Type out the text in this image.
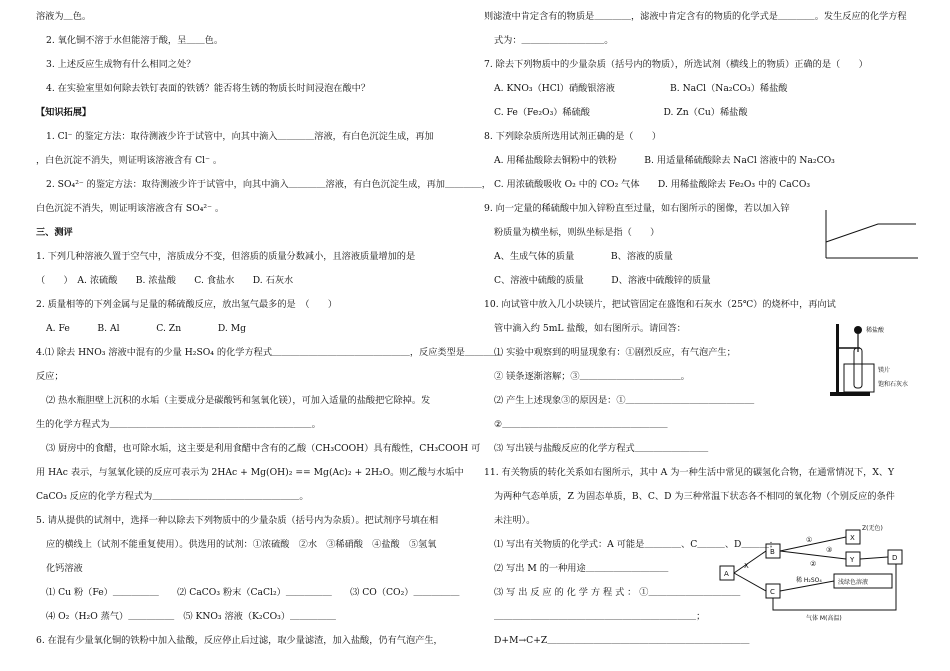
溶液为＿色。
2. 氧化铜不溶于水但能溶于酸，呈＿＿色。
3. 上述反应生成物有什么相同之处？
4. 在实验室里如何除去铁钉表面的铁锈？能否将生锈的物质长时间浸泡在酸中？
【知识拓展】
1. Cl⁻ 的鉴定方法：取待测液少许于试管中，向其中滴入＿＿＿＿溶液，有白色沉淀生成，再加
，白色沉淀不消失，则证明该溶液含有 Cl⁻ 。
2. SO₄²⁻ 的鉴定方法：取待测液少许于试管中，向其中滴入＿＿＿＿溶液，有白色沉淀生成，再加＿＿＿＿，
白色沉淀不消失，则证明该溶液含有 SO₄²⁻ 。
三、测评
1. 下列几种溶液久置于空气中，溶质成分不变，但溶质的质量分数减小，且溶液质量增加的是
（　　）　A. 浓硫酸　　B. 浓盐酸　　C. 食盐水　　D. 石灰水
2. 质量相等的下列金属与足量的稀硫酸反应，放出氢气最多的是　（　　）
A. Fe　　　B. Al　　　　C. Zn　　　　D. Mg
4.⑴ 除去 HNO₃ 溶液中混有的少量 H₂SO₄ 的化学方程式＿＿＿＿＿＿＿＿＿＿＿＿＿＿＿，反应类型是＿＿＿＿
反应；
⑵ 热水瓶胆壁上沉积的水垢（主要成分是碳酸钙和氢氧化镁），可加入适量的盐酸把它除掉。发
生的化学方程式为＿＿＿＿＿＿＿＿＿＿＿＿＿＿＿＿＿＿＿＿＿＿。
⑶ 厨房中的食醋，也可除水垢，这主要是利用食醋中含有的乙酸（CH₃COOH）具有酸性，CH₃COOH 可
用 HAc 表示，与氢氧化镁的反应可表示为 2HAc + Mg(OH)₂ == Mg(Ac)₂ + 2H₂O。则乙酸与水垢中
CaCO₃ 反应的化学方程式为＿＿＿＿＿＿＿＿＿＿＿＿＿＿＿＿。
5. 请从提供的试剂中，选择一种以除去下列物质中的少量杂质（括号内为杂质）。把试剂序号填在相
应的横线上（试剂不能重复使用）。供选用的试剂：①浓硫酸　②水　③稀硝酸　④盐酸　⑤氢氧
化钙溶液
⑴ Cu 粉（Fe）＿＿＿＿＿　　⑵ CaCO₃ 粉末（CaCl₂）＿＿＿＿＿　　⑶ CO（CO₂）＿＿＿＿＿
⑷ O₂（H₂O 蒸气）＿＿＿＿＿　⑸ KNO₃ 溶液（K₂CO₃）＿＿＿＿＿
6. 在混有少量氧化铜的铁粉中加入盐酸，反应停止后过滤，取少量滤渣，加入盐酸，仍有气泡产生，
则滤渣中肯定含有的物质是＿＿＿＿，滤液中肯定含有的物质的化学式是＿＿＿＿。发生反应的化学方程
式为：＿＿＿＿＿＿＿＿＿。
7. 除去下列物质中的少量杂质（括号内的物质），所选试剂（横线上的物质）正确的是（　　）
A. KNO₃（HCl）硝酸银溶液　　　　　　B. NaCl（Na₂CO₃）稀盐酸
C. Fe（Fe₂O₃）稀硫酸　　　　　　　　D. Zn（Cu）稀盐酸
8. 下列除杂质所选用试剂正确的是（　　）
A. 用稀盐酸除去铜粉中的铁粉　　　B. 用适量稀硫酸除去 NaCl 溶液中的 Na₂CO₃
C. 用浓硫酸吸收 O₂ 中的 CO₂ 气体　　D. 用稀盐酸除去 Fe₂O₃ 中的 CaCO₃
9. 向一定量的稀硫酸中加入锌粉直至过量，如右图所示的图像，若以加入锌
粉质量为横坐标，则纵坐标是指（　　）
A、生成气体的质量　　　　B、溶液的质量
C、溶液中硫酸的质量　　　D、溶液中硫酸锌的质量
10. 向试管中放入几小块镁片，把试管固定在盛饱和石灰水（25℃）的烧杯中，再向试
管中滴入约 5mL 盐酸，如右图所示。请回答：
⑴ 实验中观察到的明显现象有：①剧烈反应，有气泡产生；
② 镁条逐渐溶解；③＿＿＿＿＿＿＿＿＿＿＿。
⑵ 产生上述现象③的原因是：①＿＿＿＿＿＿＿＿＿＿＿＿＿＿
②＿＿＿＿＿＿＿＿＿＿＿＿＿＿＿＿＿＿
⑶ 写出镁与盐酸反应的化学方程式＿＿＿＿＿＿＿＿
11. 有关物质的转化关系如右图所示，其中 A 为一种生活中常见的碳氢化合物，在通常情况下，X、Y
为两种气态单质，Z 为固态单质，B、C、D 为三种常温下状态各不相同的氧化物（个别反应的条件
未注明）。
⑴ 写出有关物质的化学式：A 可能是＿＿＿＿、C＿＿＿、D＿＿＿；
⑵ 写出 M 的一种用途＿＿＿＿＿＿＿＿＿
⑶ 写 出 反 应 的 化 学 方 程 式 ： ①＿＿＿＿＿＿＿＿＿＿
＿＿＿＿＿＿＿＿＿＿＿＿＿＿＿＿＿＿＿＿＿＿；
D+M→C+Z＿＿＿＿＿＿＿＿＿＿＿＿＿＿＿＿＿＿＿＿＿＿
稀盐酸
镁片
饱和石灰水
A
B
C
X
Y	D
浅绿色溶液
X
①
②
稀 H₂SO₄
Z(无色)
③
气体 M(高温)
